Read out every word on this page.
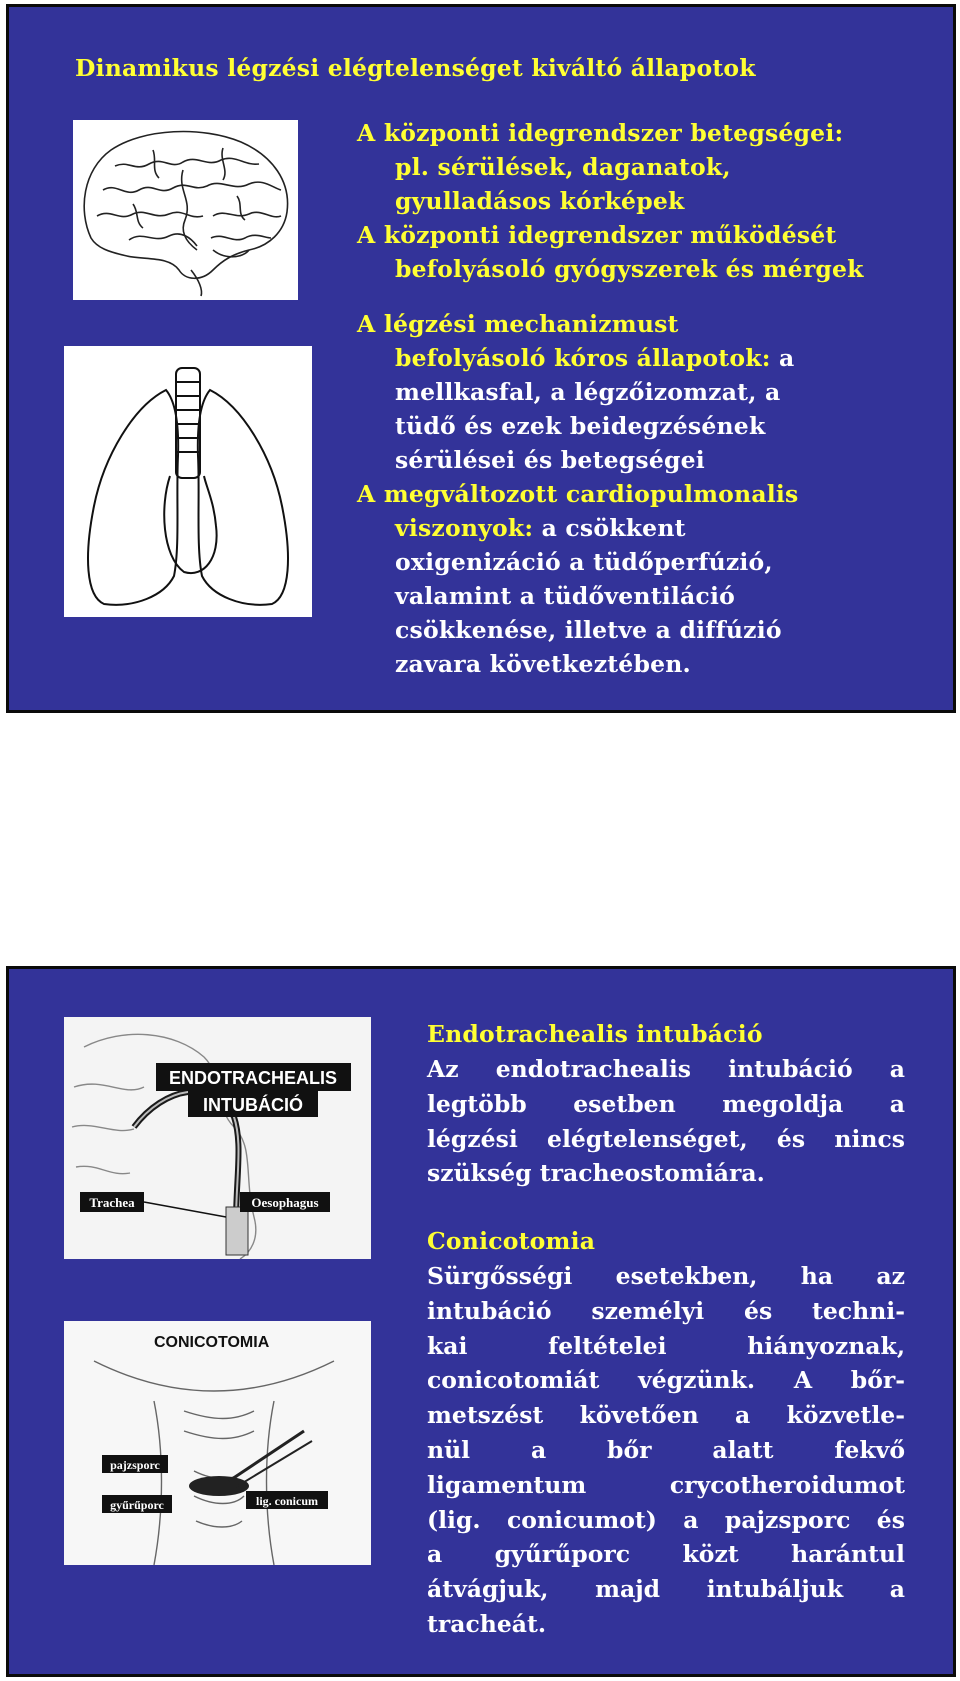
Dinamikus légzési elégtelenséget kiváltó állapotok
A központi idegrendszer betegségei:
pl. sérülések, daganatok,
gyulladásos kórképek
A központi idegrendszer működését
befolyásoló gyógyszerek és mérgek
A légzési mechanizmust
befolyásoló kóros állapotok: a
mellkasfal, a légzőizomzat, a
tüdő és ezek beidegzésének
sérülései és betegségei
A megváltozott cardiopulmonalis
viszonyok: a csökkent
oxigenizáció a tüdőperfúzió,
valamint a tüdőventiláció
csökkenése, illetve a diffúzió
zavara következtében.
ENDOTRACHEALIS
INTUBÁCIÓ
Trachea	Oesophagus
CONICOTOMIA
pajzsporc
gyűrűporc	lig. conicum
Endotrachealis intubáció
Az endotrachealis intubáció a
legtöbb esetben megoldja a
légzési elégtelenséget, és nincs
szükség tracheostomiára.
Conicotomia
Sürgősségi esetekben, ha az
intubáció személyi és techni-
kai feltételei hiányoznak,
conicotomiát végzünk. A bőr-
metszést követően a közvetle-
nül a bőr alatt fekvő
ligamentum crycotheroidumot
(lig. conicumot) a pajzsporc és
a gyűrűporc közt harántul
átvágjuk, majd intubáljuk a
tracheát.
